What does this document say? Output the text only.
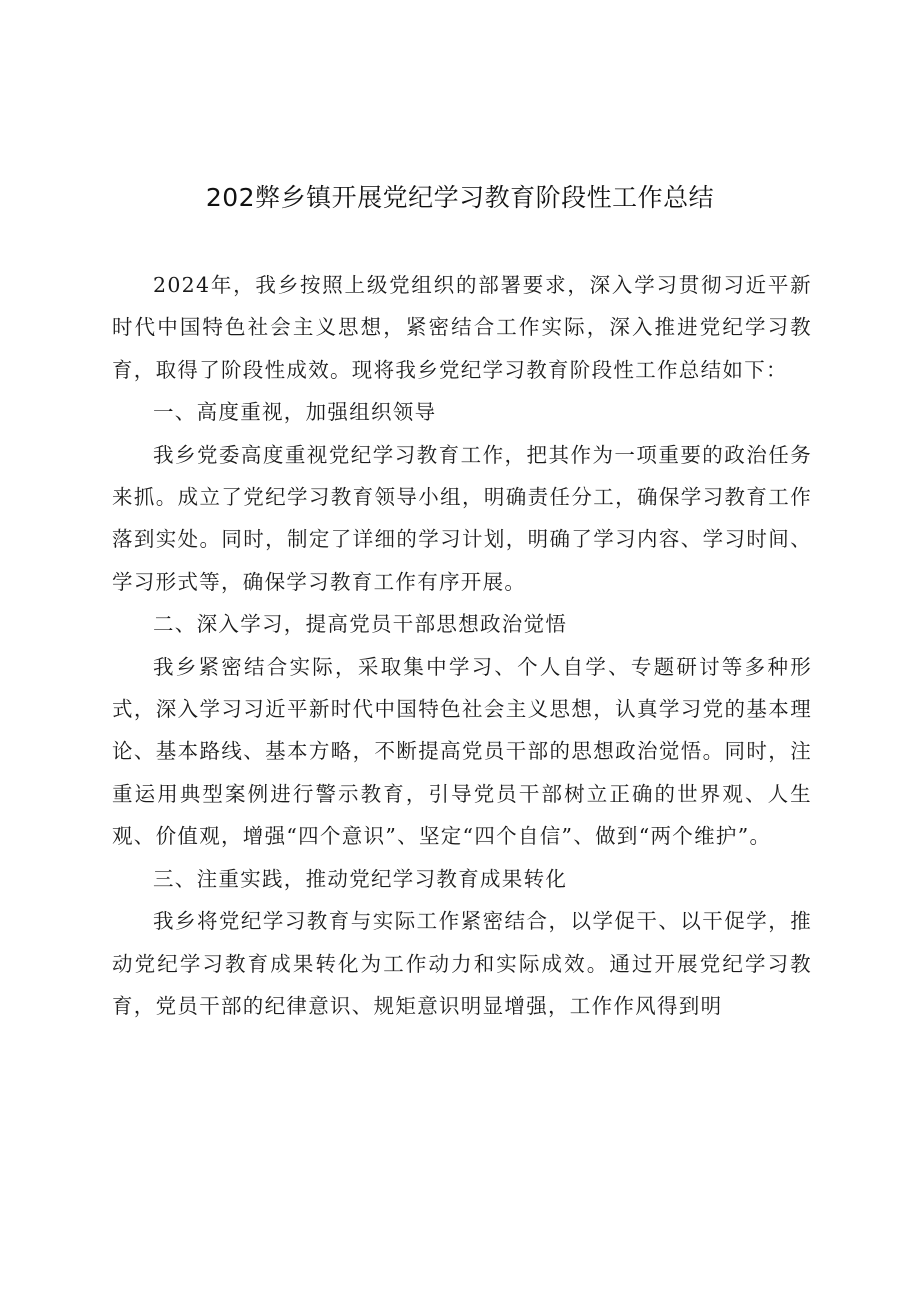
202弊乡镇开展党纪学习教育阶段性工作总结

2024年，我乡按照上级党组织的部署要求，深入学习贯彻习近平新时代中国特色社会主义思想，紧密结合工作实际，深入推进党纪学习教育，取得了阶段性成效。现将我乡党纪学习教育阶段性工作总结如下：

一、高度重视，加强组织领导

我乡党委高度重视党纪学习教育工作，把其作为一项重要的政治任务来抓。成立了党纪学习教育领导小组，明确责任分工，确保学习教育工作落到实处。同时，制定了详细的学习计划，明确了学习内容、学习时间、学习形式等，确保学习教育工作有序开展。

二、深入学习，提高党员干部思想政治觉悟

我乡紧密结合实际，采取集中学习、个人自学、专题研讨等多种形式，深入学习习近平新时代中国特色社会主义思想，认真学习党的基本理论、基本路线、基本方略，不断提高党员干部的思想政治觉悟。同时，注重运用典型案例进行警示教育，引导党员干部树立正确的世界观、人生观、价值观，增强“四个意识”、坚定“四个自信”、做到“两个维护”。

三、注重实践，推动党纪学习教育成果转化

我乡将党纪学习教育与实际工作紧密结合，以学促干、以干促学，推动党纪学习教育成果转化为工作动力和实际成效。通过开展党纪学习教育，党员干部的纪律意识、规矩意识明显增强，工作作风得到明
